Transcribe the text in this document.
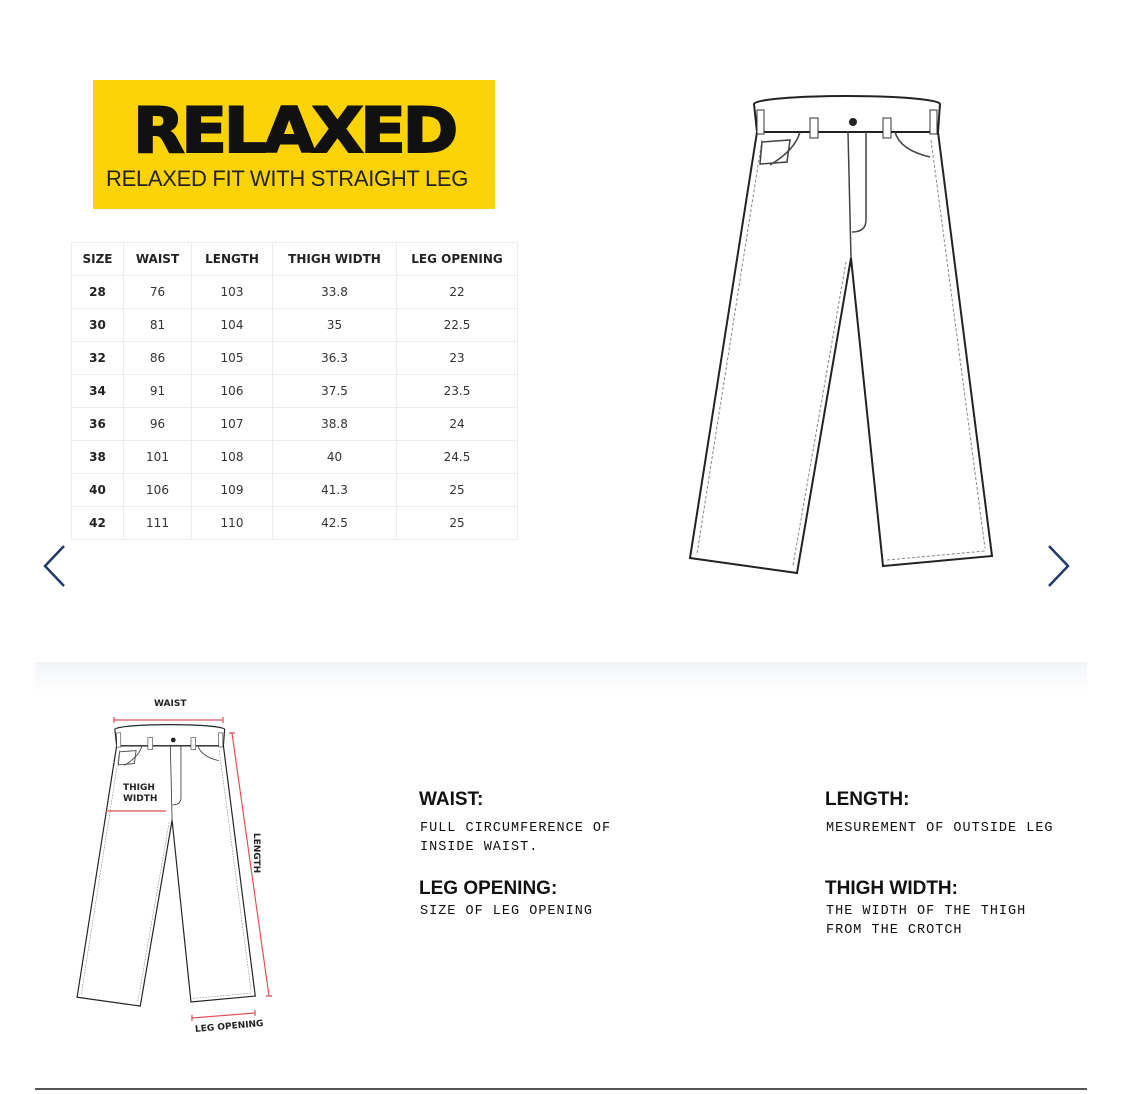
RELAXED
RELAXED FIT WITH STRAIGHT LEG
SIZE	WAIST	LENGTH	THIGH WIDTH	LEG OPENING
28	76	103	33.8	22
30	81	104	35	22.5
32	86	105	36.3	23
34	91	106	37.5	23.5
36	96	107	38.8	24
38	101	108	40	24.5
40	106	109	41.3	25
42	111	110	42.5	25
WAIST
THIGH
WIDTH
LENGTH
LEG OPENING
WAIST:
FULL CIRCUMFERENCE OF
INSIDE WAIST.
LENGTH:
MESUREMENT OF OUTSIDE LEG
LEG OPENING:
SIZE OF LEG OPENING
THIGH WIDTH:
THE WIDTH OF THE THIGH
FROM THE CROTCH
